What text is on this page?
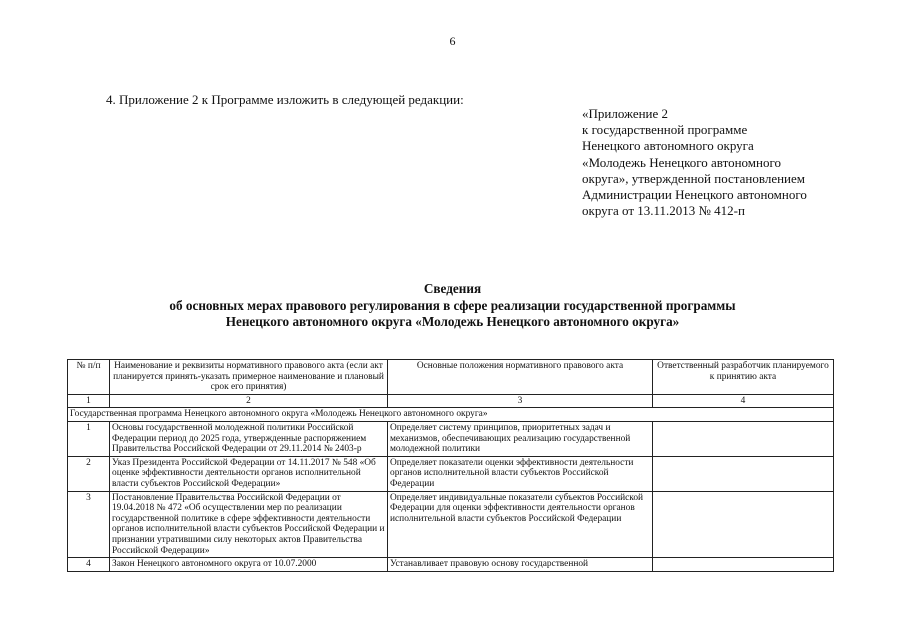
6
4. Приложение 2 к Программе изложить в следующей редакции:
«Приложение 2
к государственной программе
Ненецкого автономного округа
«Молодежь Ненецкого автономного
округа», утвержденной постановлением
Администрации Ненецкого автономного
округа от 13.11.2013 № 412-п
Сведения
об основных мерах правового регулирования в сфере реализации государственной программы
Ненецкого автономного округа «Молодежь Ненецкого автономного округа»
№ п/п	Наименование и реквизиты нормативного правового акта (если акт планируется принять-указать примерное наименование и плановый срок его принятия)	Основные положения нормативного правового акта	Ответственный разработчик планируемого к принятию акта
1	2	3	4
Государственная программа Ненецкого автономного округа «Молодежь Ненецкого автономного округа»			
1	Основы государственной молодежной политики Российской Федерации период до 2025 года, утвержденные распоряжением Правительства Российской Федерации от 29.11.2014 № 2403-р	Определяет систему принципов, приоритетных задач и механизмов, обеспечивающих реализацию государственной молодежной политики	
2	Указ Президента Российской Федерации от 14.11.2017 № 548 «Об оценке эффективности деятельности органов исполнительной власти субъектов Российской Федерации»	Определяет показатели оценки эффективности деятельности органов исполнительной власти субъектов Российской Федерации	
3	Постановление Правительства Российской Федерации от 19.04.2018 № 472 «Об осуществлении мер по реализации государственной политике в сфере эффективности деятельности органов исполнительной власти субъектов Российской Федерации и признании утратившими силу некоторых актов Правительства Российской Федерации»	Определяет индивидуальные показатели субъектов Российской Федерации для оценки эффективности деятельности органов исполнительной власти субъектов Российской Федерации	
4	Закон Ненецкого автономного округа от 10.07.2000	Устанавливает правовую основу государственной	
